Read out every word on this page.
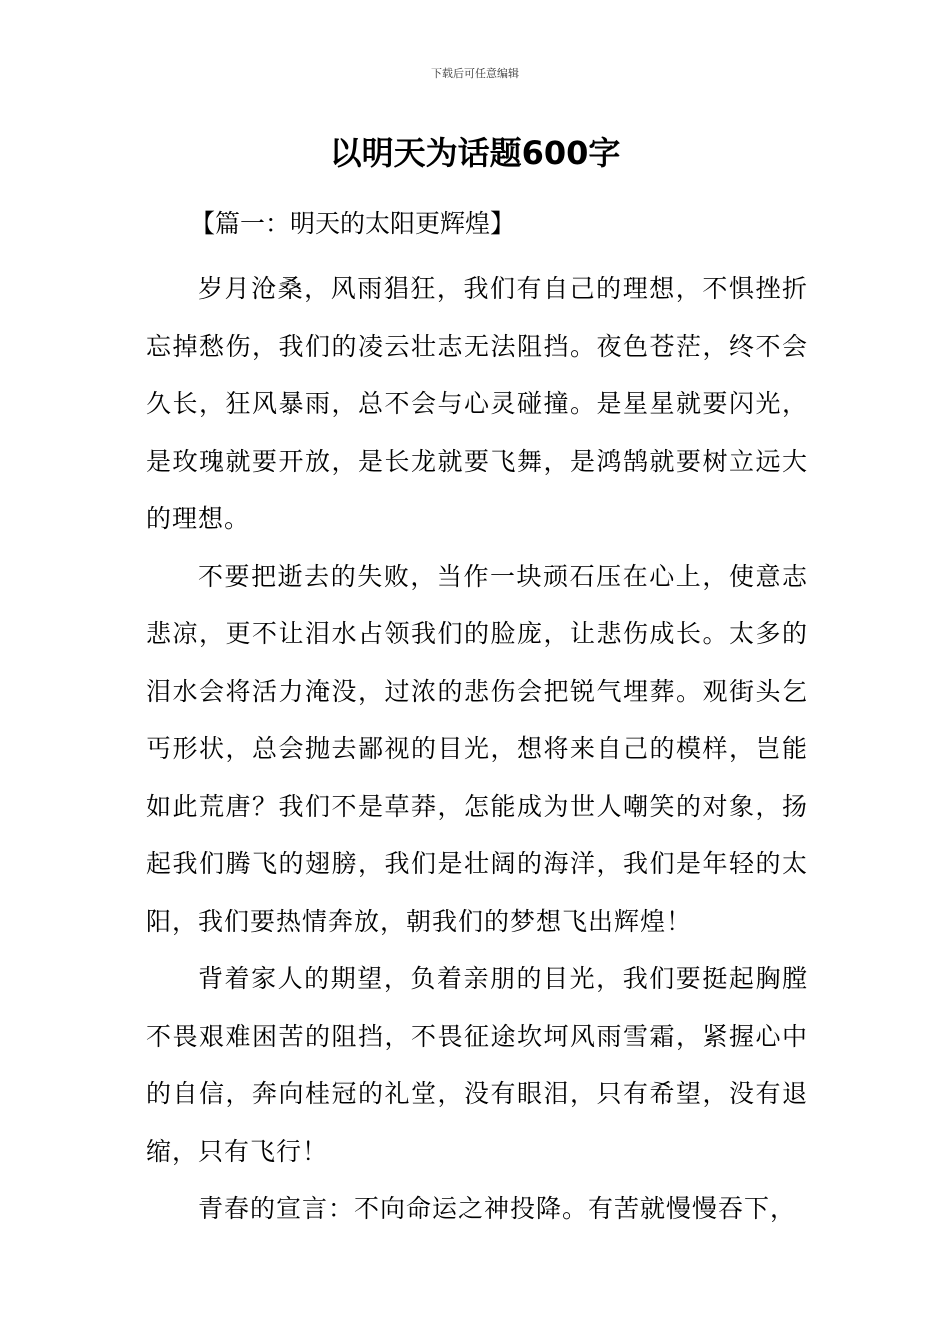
下载后可任意编辑
以明天为话题600字

【篇一：明天的太阳更辉煌】

岁月沧桑，风雨猖狂，我们有自己的理想，不惧挫折忘掉愁伤，我们的凌云壮志无法阻挡。夜色苍茫，终不会久长，狂风暴雨，总不会与心灵碰撞。是星星就要闪光，是玫瑰就要开放，是长龙就要飞舞，是鸿鹄就要树立远大的理想。

不要把逝去的失败，当作一块顽石压在心上，使意志悲凉，更不让泪水占领我们的脸庞，让悲伤成长。太多的泪水会将活力淹没，过浓的悲伤会把锐气埋葬。观街头乞丐形状，总会抛去鄙视的目光，想将来自己的模样，岂能如此荒唐？我们不是草莽，怎能成为世人嘲笑的对象，扬起我们腾飞的翅膀，我们是壮阔的海洋，我们是年轻的太阳，我们要热情奔放，朝我们的梦想飞出辉煌！

背着家人的期望，负着亲朋的目光，我们要挺起胸膛不畏艰难困苦的阻挡，不畏征途坎坷风雨雪霜，紧握心中的自信，奔向桂冠的礼堂，没有眼泪，只有希望，没有退缩，只有飞行！

青春的宣言：不向命运之神投降。有苦就慢慢吞下，
